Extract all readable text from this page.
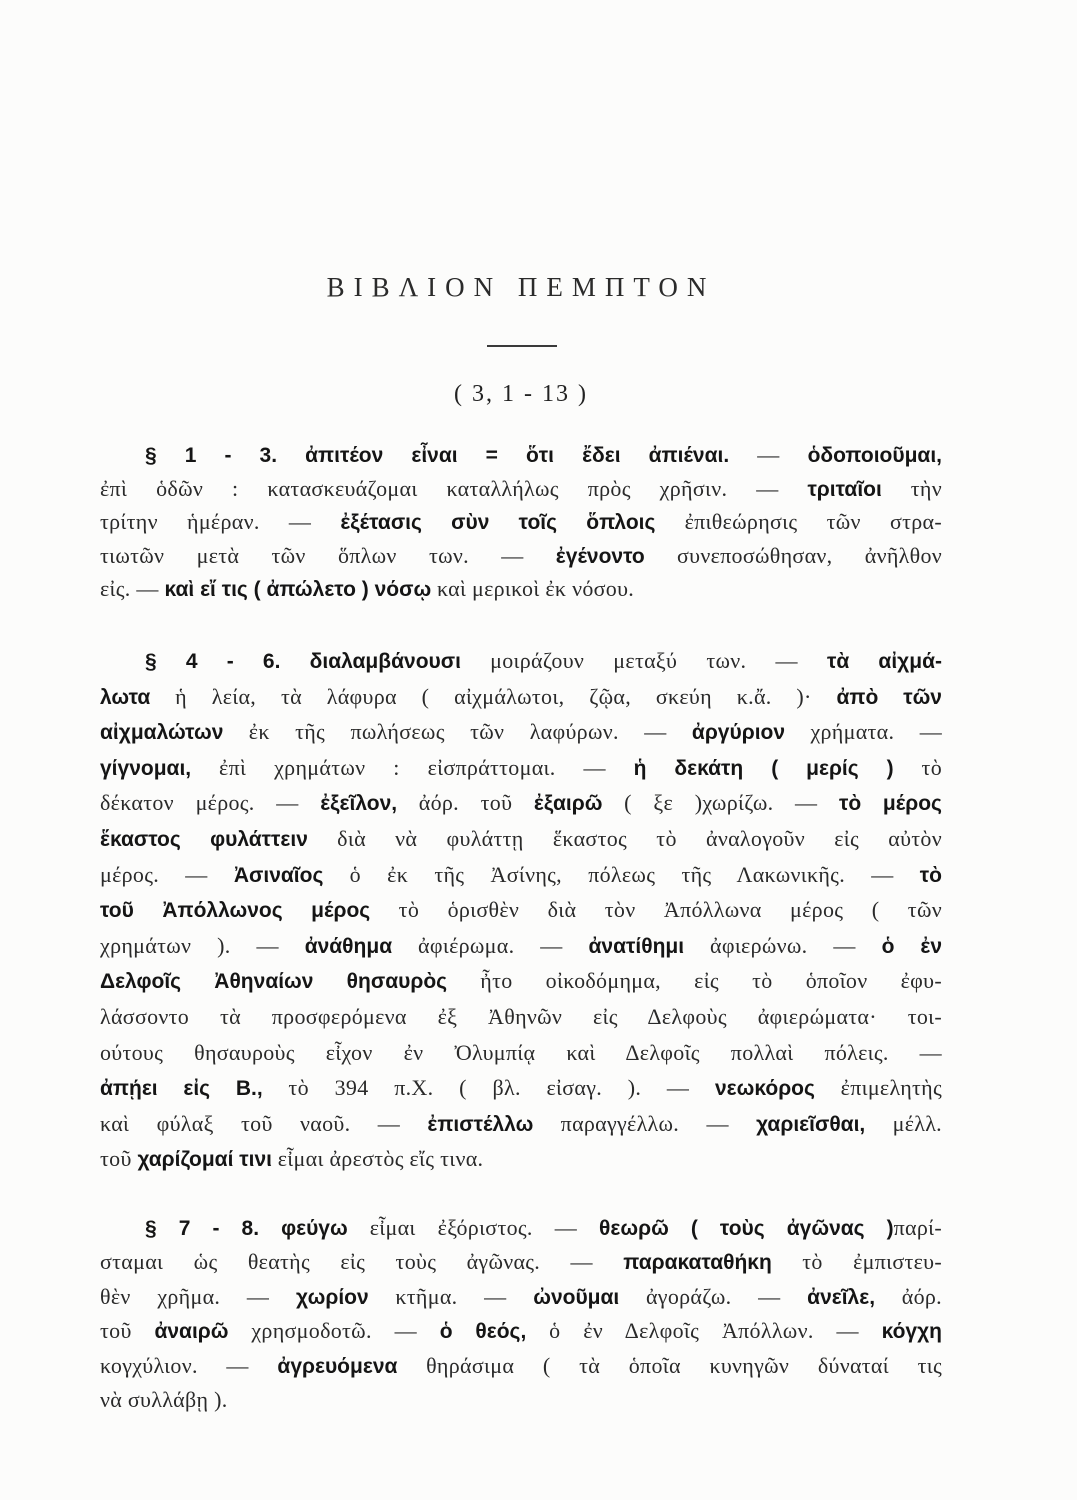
ΒΙΒΛΙΟΝ ΠΕΜΠΤΟΝ
( 3, 1 - 13 )
§ 1 - 3. ἀπιτέον εἶναι = ὅτι ἔδει ἀπιέναι. — ὁδοποιοῦμαι,
ἐπὶ ὁδῶν : κατασκευάζομαι καταλλήλως πρὸς χρῆσιν. — τριταῖοι τὴν
τρίτην ἡμέραν. — ἐξέτασις σὺν τοῖς ὅπλοις ἐπιθεώρησις τῶν στρα-
τιωτῶν μετὰ τῶν ὅπλων των. — ἐγένοντο συνεποσώθησαν, ἀνῆλθον
εἰς. — καὶ εἴ τις ( ἀπώλετο ) νόσῳ καὶ μερικοὶ ἐκ νόσου.
§ 4 - 6. διαλαμβάνουσι μοιράζουν μεταξύ των. — τὰ αἰχμά-
λωτα ἡ λεία, τὰ λάφυρα ( αἰχμάλωτοι, ζῷα, σκεύη κ.ἄ. )· ἀπὸ τῶν
αἰχμαλώτων ἐκ τῆς πωλήσεως τῶν λαφύρων. — ἀργύριον χρήματα. —
γίγνομαι, ἐπὶ χρημάτων : εἰσπράττομαι. — ἡ δεκάτη ( μερίς ) τὸ
δέκατον μέρος. — ἐξεῖλον, ἀόρ. τοῦ ἐξαιρῶ ( ξε )χωρίζω. — τὸ μέρος
ἕκαστος φυλάττειν διὰ νὰ φυλάττῃ ἕκαστος τὸ ἀναλογοῦν εἰς αὐτὸν
μέρος. — Ἀσιναῖος ὁ ἐκ τῆς Ἀσίνης, πόλεως τῆς Λακωνικῆς. — τὸ
τοῦ Ἀπόλλωνος μέρος τὸ ὁρισθὲν διὰ τὸν Ἀπόλλωνα μέρος ( τῶν
χρημάτων ). — ἀνάθημα ἀφιέρωμα. — ἀνατίθημι ἀφιερώνω. — ὁ ἐν
Δελφοῖς Ἀθηναίων θησαυρὸς ἦτο οἰκοδόμημα, εἰς τὸ ὁποῖον ἐφυ-
λάσσοντο τὰ προσφερόμενα ἐξ Ἀθηνῶν εἰς Δελφοὺς ἀφιερώματα· τοι-
ούτους θησαυροὺς εἶχον ἐν Ὀλυμπίᾳ καὶ Δελφοῖς πολλαὶ πόλεις. —
ἀπῄει εἰς Β., τὸ 394 π.Χ. ( βλ. εἰσαγ. ). — νεωκόρος ἐπιμελητὴς
καὶ φύλαξ τοῦ ναοῦ. — ἐπιστέλλω παραγγέλλω. — χαριεῖσθαι, μέλλ.
τοῦ χαρίζομαί τινι εἶμαι ἀρεστὸς εἴς τινα.
§ 7 - 8. φεύγω εἶμαι ἐξόριστος. — θεωρῶ ( τοὺς ἀγῶνας )παρί-
σταμαι ὡς θεατὴς εἰς τοὺς ἀγῶνας. — παρακαταθήκη τὸ ἐμπιστευ-
θὲν χρῆμα. — χωρίον κτῆμα. — ὠνοῦμαι ἀγοράζω. — ἀνεῖλε, ἀόρ.
τοῦ ἀναιρῶ χρησμοδοτῶ. — ὁ θεός, ὁ ἐν Δελφοῖς Ἀπόλλων. — κόγχη
κογχύλιον. — ἀγρευόμενα θηράσιμα ( τὰ ὁποῖα κυνηγῶν δύναταί τις
νὰ συλλάβῃ ).
